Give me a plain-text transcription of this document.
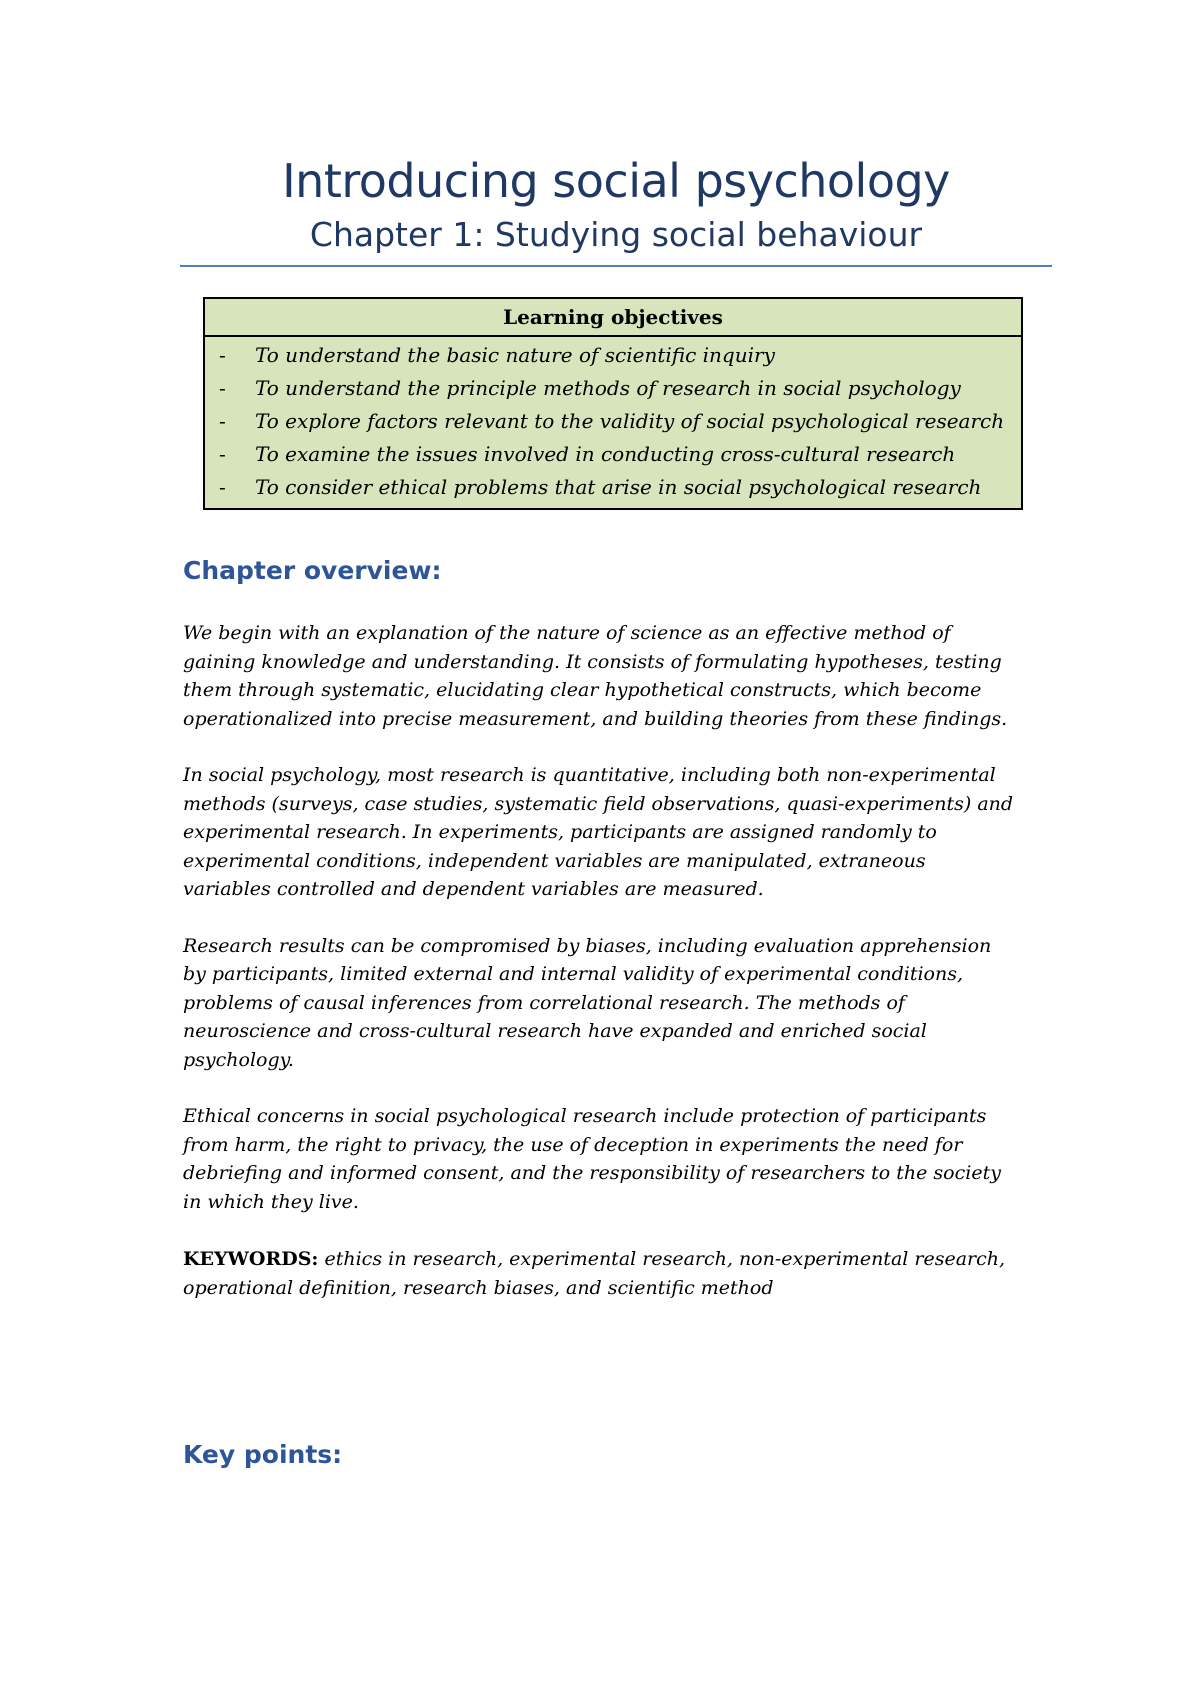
Introducing social psychology
Chapter 1: Studying social behaviour
Learning objectives
-	To understand the basic nature of scientific inquiry
-	To understand the principle methods of research in social psychology
-	To explore factors relevant to the validity of social psychological research
-	To examine the issues involved in conducting cross-cultural research
-	To consider ethical problems that arise in social psychological research
Chapter overview:

We begin with an explanation of the nature of science as an effective method of
gaining knowledge and understanding. It consists of formulating hypotheses, testing
them through systematic, elucidating clear hypothetical constructs, which become
operationalized into precise measurement, and building theories from these findings.

In social psychology, most research is quantitative, including both non-experimental
methods (surveys, case studies, systematic field observations, quasi-experiments) and
experimental research. In experiments, participants are assigned randomly to
experimental conditions, independent variables are manipulated, extraneous
variables controlled and dependent variables are measured.

Research results can be compromised by biases, including evaluation apprehension
by participants, limited external and internal validity of experimental conditions,
problems of causal inferences from correlational research. The methods of
neuroscience and cross-cultural research have expanded and enriched social
psychology.

Ethical concerns in social psychological research include protection of participants
from harm, the right to privacy, the use of deception in experiments the need for
debriefing and informed consent, and the responsibility of researchers to the society
in which they live.

KEYWORDS: ethics in research, experimental research, non-experimental research,
operational definition, research biases, and scientific method
Key points:
